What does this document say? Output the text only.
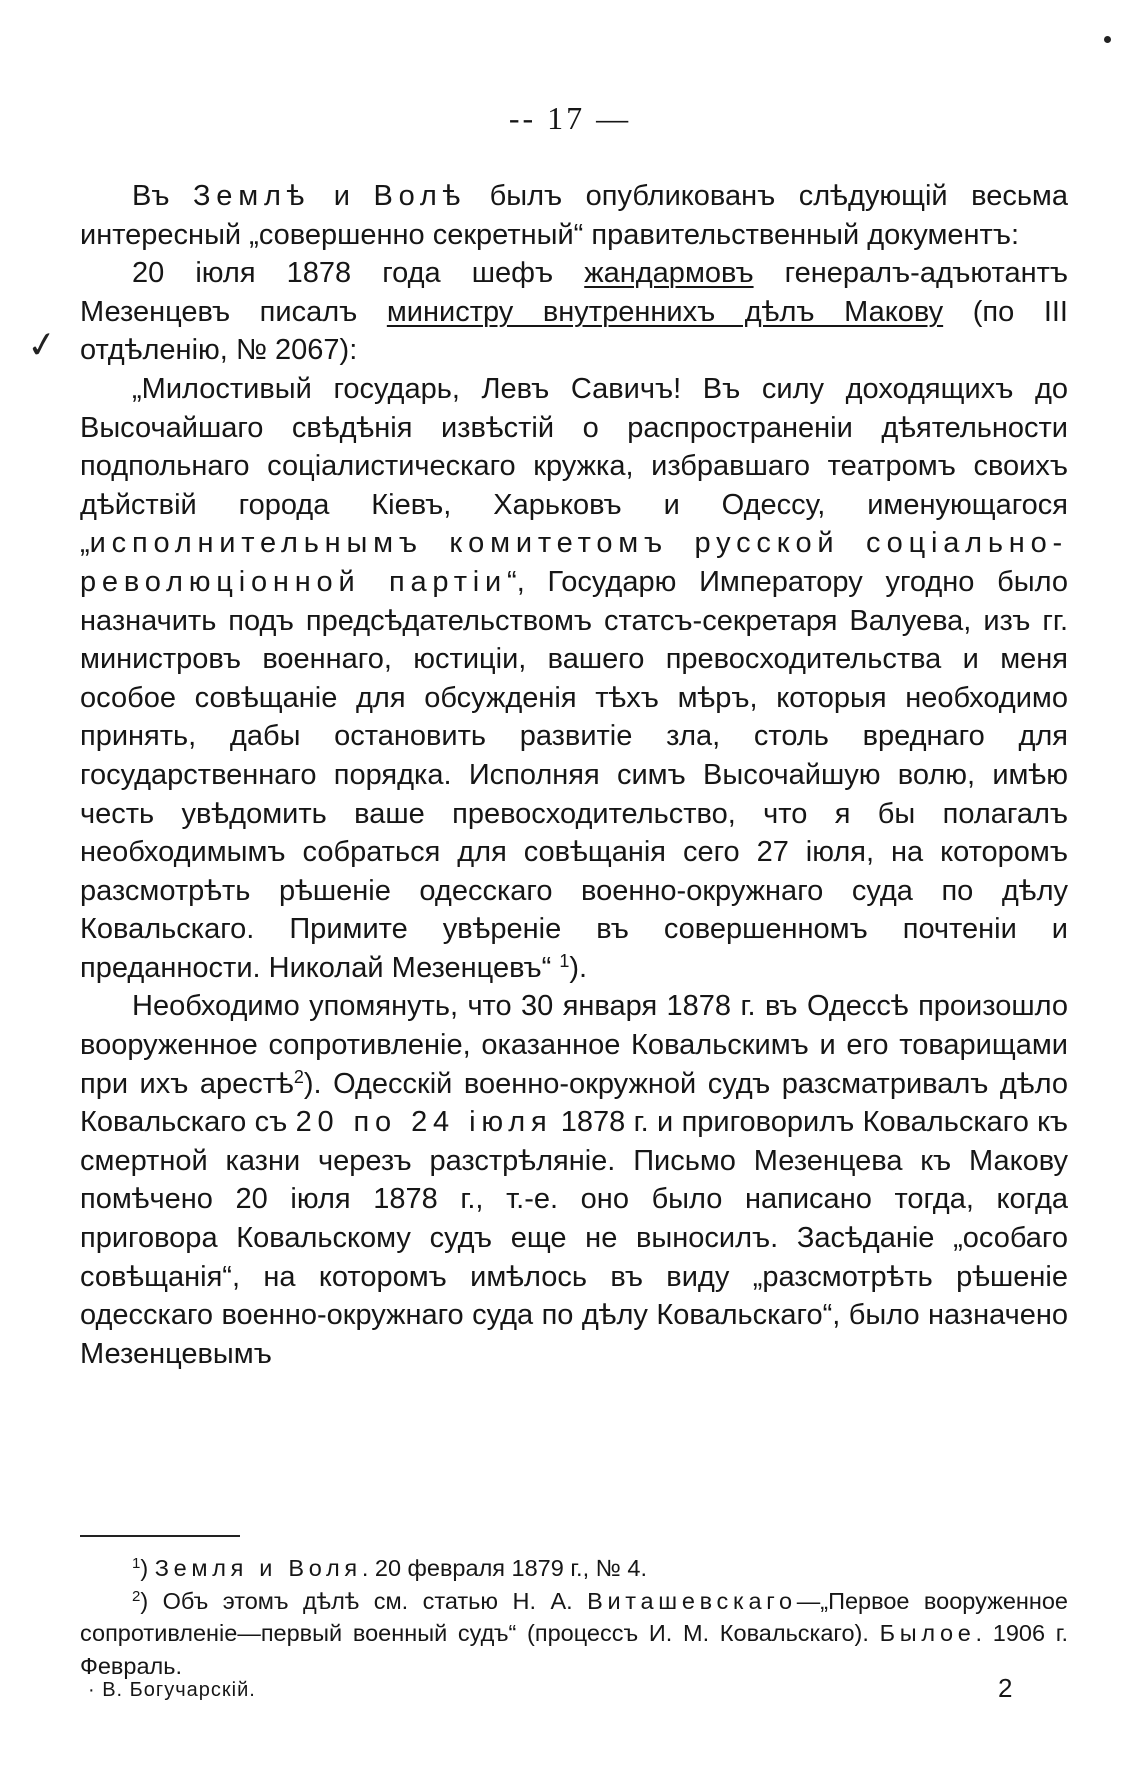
-- 17 —
✓

Въ Землѣ и Волѣ былъ опубликованъ слѣдующій весьма интересный „совершенно секретный“ правительственный документъ:

20 іюля 1878 года шефъ жандармовъ генералъ-адъютантъ Мезенцевъ писалъ министру внутреннихъ дѣлъ Макову (по III отдѣленію, № 2067):

„Милостивый государь, Левъ Савичъ! Въ силу доходящихъ до Высочайшаго свѣдѣнія извѣстій о распространеніи дѣятельности подпольнаго соціалистическаго кружка, избравшаго театромъ своихъ дѣйствій города Кіевъ, Харьковъ и Одессу, именующагося „исполнительнымъ комитетомъ русской соціально-революціонной партіи“, Государю Императору угодно было назначить подъ предсѣдательствомъ статсъ-секретаря Валуева, изъ гг. министровъ военнаго, юстиціи, вашего превосходительства и меня особое совѣщаніе для обсужденія тѣхъ мѣръ, которыя необходимо принять, дабы остановить развитіе зла, столь вреднаго для государственнаго порядка. Исполняя симъ Высочайшую волю, имѣю честь увѣдомить ваше превосходительство, что я бы полагалъ необходимымъ собраться для совѣщанія сего 27 іюля, на которомъ разсмотрѣть рѣшеніе одесскаго военно-окружнаго суда по дѣлу Ковальскаго. Примите увѣреніе въ совершенномъ почтеніи и преданности. Николай Мезенцевъ“ $^1$).

Необходимо упомянуть, что 30 января 1878 г. въ Одессѣ произошло вооруженное сопротивленіе, оказанное Ковальскимъ и его товарищами при ихъ арестѣ$^2$). Одесскій военно-окружной судъ разсматривалъ дѣло Ковальскаго съ 20 по 24 іюля 1878 г. и приговорилъ Ковальскаго къ смертной казни черезъ разстрѣляніе. Письмо Мезенцева къ Макову помѣчено 20 іюля 1878 г., т.-е. оно было написано тогда, когда приговора Ковальскому судъ еще не выносилъ. Засѣданіе „особаго совѣщанія“, на которомъ имѣлось въ виду „разсмотрѣть рѣшеніе одесскаго военно-окружнаго суда по дѣлу Ковальскаго“, было назначено Мезенцевымъ

$^1$) Земля и Воля. 20 февраля 1879 г., № 4.

$^2$) Объ этомъ дѣлѣ см. статью Н. А. Виташевскаго—„Первое вооруженное сопротивленіе—первый военный судъ“ (процессъ И. М. Ковальскаго). Былое. 1906 г. Февраль.

· В. Богучарскій.	2
